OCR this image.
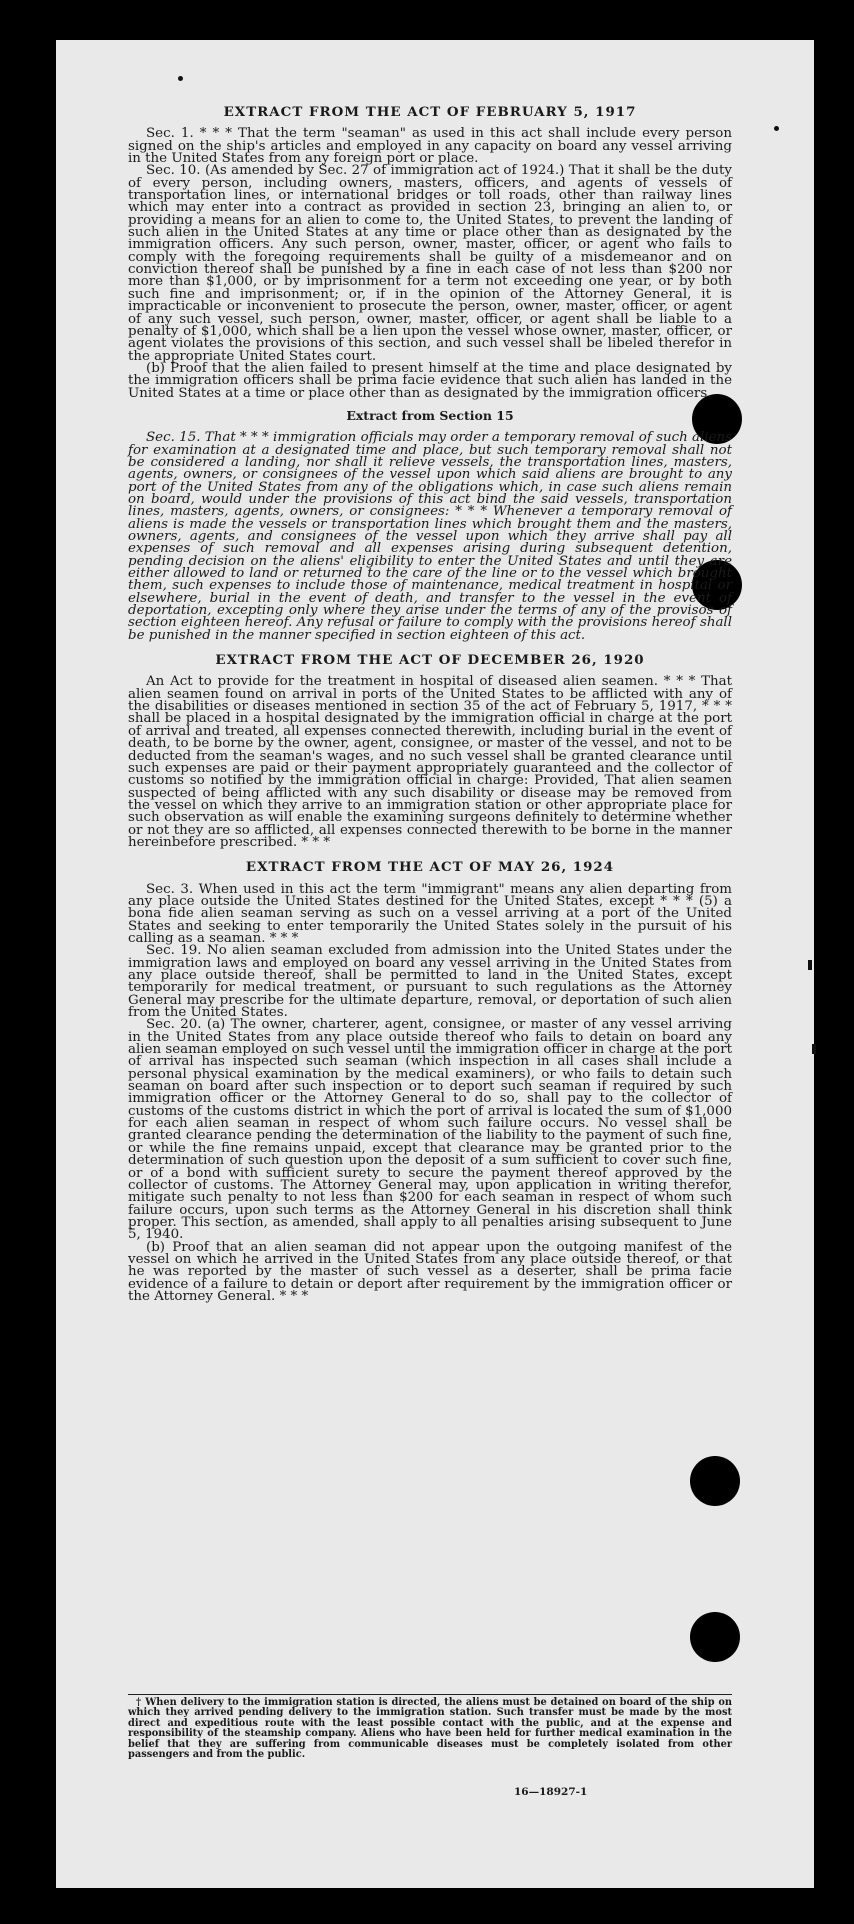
EXTRACT FROM THE ACT OF FEBRUARY 5, 1917

Sec. 1. * * * That the term "seaman" as used in this act shall include every person signed on the ship's articles and employed in any capacity on board any vessel arriving in the United States from any foreign port or place.

Sec. 10. (As amended by Sec. 27 of immigration act of 1924.) That it shall be the duty of every person, including owners, masters, officers, and agents of vessels of transportation lines, or international bridges or toll roads, other than railway lines which may enter into a contract as provided in section 23, bringing an alien to, or providing a means for an alien to come to, the United States, to prevent the landing of such alien in the United States at any time or place other than as designated by the immigration officers. Any such person, owner, master, officer, or agent who fails to comply with the foregoing requirements shall be guilty of a misdemeanor and on conviction thereof shall be punished by a fine in each case of not less than $200 nor more than $1,000, or by imprisonment for a term not exceeding one year, or by both such fine and imprisonment; or, if in the opinion of the Attorney General, it is impracticable or inconvenient to prosecute the person, owner, master, officer, or agent of any such vessel, such person, owner, master, officer, or agent shall be liable to a penalty of $1,000, which shall be a lien upon the vessel whose owner, master, officer, or agent violates the provisions of this section, and such vessel shall be libeled therefor in the appropriate United States court.

(b) Proof that the alien failed to present himself at the time and place designated by the immigration officers shall be prima facie evidence that such alien has landed in the United States at a time or place other than as designated by the immigration officers.

Extract from Section 15

Sec. 15. That * * * immigration officials may order a temporary removal of such aliens for examination at a designated time and place, but such temporary removal shall not be considered a landing, nor shall it relieve vessels, the transportation lines, masters, agents, owners, or consignees of the vessel upon which said aliens are brought to any port of the United States from any of the obligations which, in case such aliens remain on board, would under the provisions of this act bind the said vessels, transportation lines, masters, agents, owners, or consignees: * * * Whenever a temporary removal of aliens is made the vessels or transportation lines which brought them and the masters, owners, agents, and consignees of the vessel upon which they arrive shall pay all expenses of such removal and all expenses arising during subsequent detention, pending decision on the aliens' eligibility to enter the United States and until they are either allowed to land or returned to the care of the line or to the vessel which brought them, such expenses to include those of maintenance, medical treatment in hospital or elsewhere, burial in the event of death, and transfer to the vessel in the event of deportation, excepting only where they arise under the terms of any of the provisos of section eighteen hereof. Any refusal or failure to comply with the provisions hereof shall be punished in the manner specified in section eighteen of this act.

EXTRACT FROM THE ACT OF DECEMBER 26, 1920

An Act to provide for the treatment in hospital of diseased alien seamen. * * * That alien seamen found on arrival in ports of the United States to be afflicted with any of the disabilities or diseases mentioned in section 35 of the act of February 5, 1917, * * * shall be placed in a hospital designated by the immigration official in charge at the port of arrival and treated, all expenses connected therewith, including burial in the event of death, to be borne by the owner, agent, consignee, or master of the vessel, and not to be deducted from the seaman's wages, and no such vessel shall be granted clearance until such expenses are paid or their payment appropriately guaranteed and the collector of customs so notified by the immigration official in charge: Provided, That alien seamen suspected of being afflicted with any such disability or disease may be removed from the vessel on which they arrive to an immigration station or other appropriate place for such observation as will enable the examining surgeons definitely to determine whether or not they are so afflicted, all expenses connected therewith to be borne in the manner hereinbefore prescribed. * * *

EXTRACT FROM THE ACT OF MAY 26, 1924

Sec. 3. When used in this act the term "immigrant" means any alien departing from any place outside the United States destined for the United States, except * * * (5) a bona fide alien seaman serving as such on a vessel arriving at a port of the United States and seeking to enter temporarily the United States solely in the pursuit of his calling as a seaman. * * *

Sec. 19. No alien seaman excluded from admission into the United States under the immigration laws and employed on board any vessel arriving in the United States from any place outside thereof, shall be permitted to land in the United States, except temporarily for medical treatment, or pursuant to such regulations as the Attorney General may prescribe for the ultimate departure, removal, or deportation of such alien from the United States.

Sec. 20. (a) The owner, charterer, agent, consignee, or master of any vessel arriving in the United States from any place outside thereof who fails to detain on board any alien seaman employed on such vessel until the immigration officer in charge at the port of arrival has inspected such seaman (which inspection in all cases shall include a personal physical examination by the medical examiners), or who fails to detain such seaman on board after such inspection or to deport such seaman if required by such immigration officer or the Attorney General to do so, shall pay to the collector of customs of the customs district in which the port of arrival is located the sum of $1,000 for each alien seaman in respect of whom such failure occurs. No vessel shall be granted clearance pending the determination of the liability to the payment of such fine, or while the fine remains unpaid, except that clearance may be granted prior to the determination of such question upon the deposit of a sum sufficient to cover such fine, or of a bond with sufficient surety to secure the payment thereof approved by the collector of customs. The Attorney General may, upon application in writing therefor, mitigate such penalty to not less than $200 for each seaman in respect of whom such failure occurs, upon such terms as the Attorney General in his discretion shall think proper. This section, as amended, shall apply to all penalties arising subsequent to June 5, 1940.

(b) Proof that an alien seaman did not appear upon the outgoing manifest of the vessel on which he arrived in the United States from any place outside thereof, or that he was reported by the master of such vessel as a deserter, shall be prima facie evidence of a failure to detain or deport after requirement by the immigration officer or the Attorney General. * * *

† When delivery to the immigration station is directed, the aliens must be detained on board of the ship on which they arrived pending delivery to the immigration station. Such transfer must be made by the most direct and expeditious route with the least possible contact with the public, and at the expense and responsibility of the steamship company. Aliens who have been held for further medical examination in the belief that they are suffering from communicable diseases must be completely isolated from other passengers and from the public.

16—18927-1
